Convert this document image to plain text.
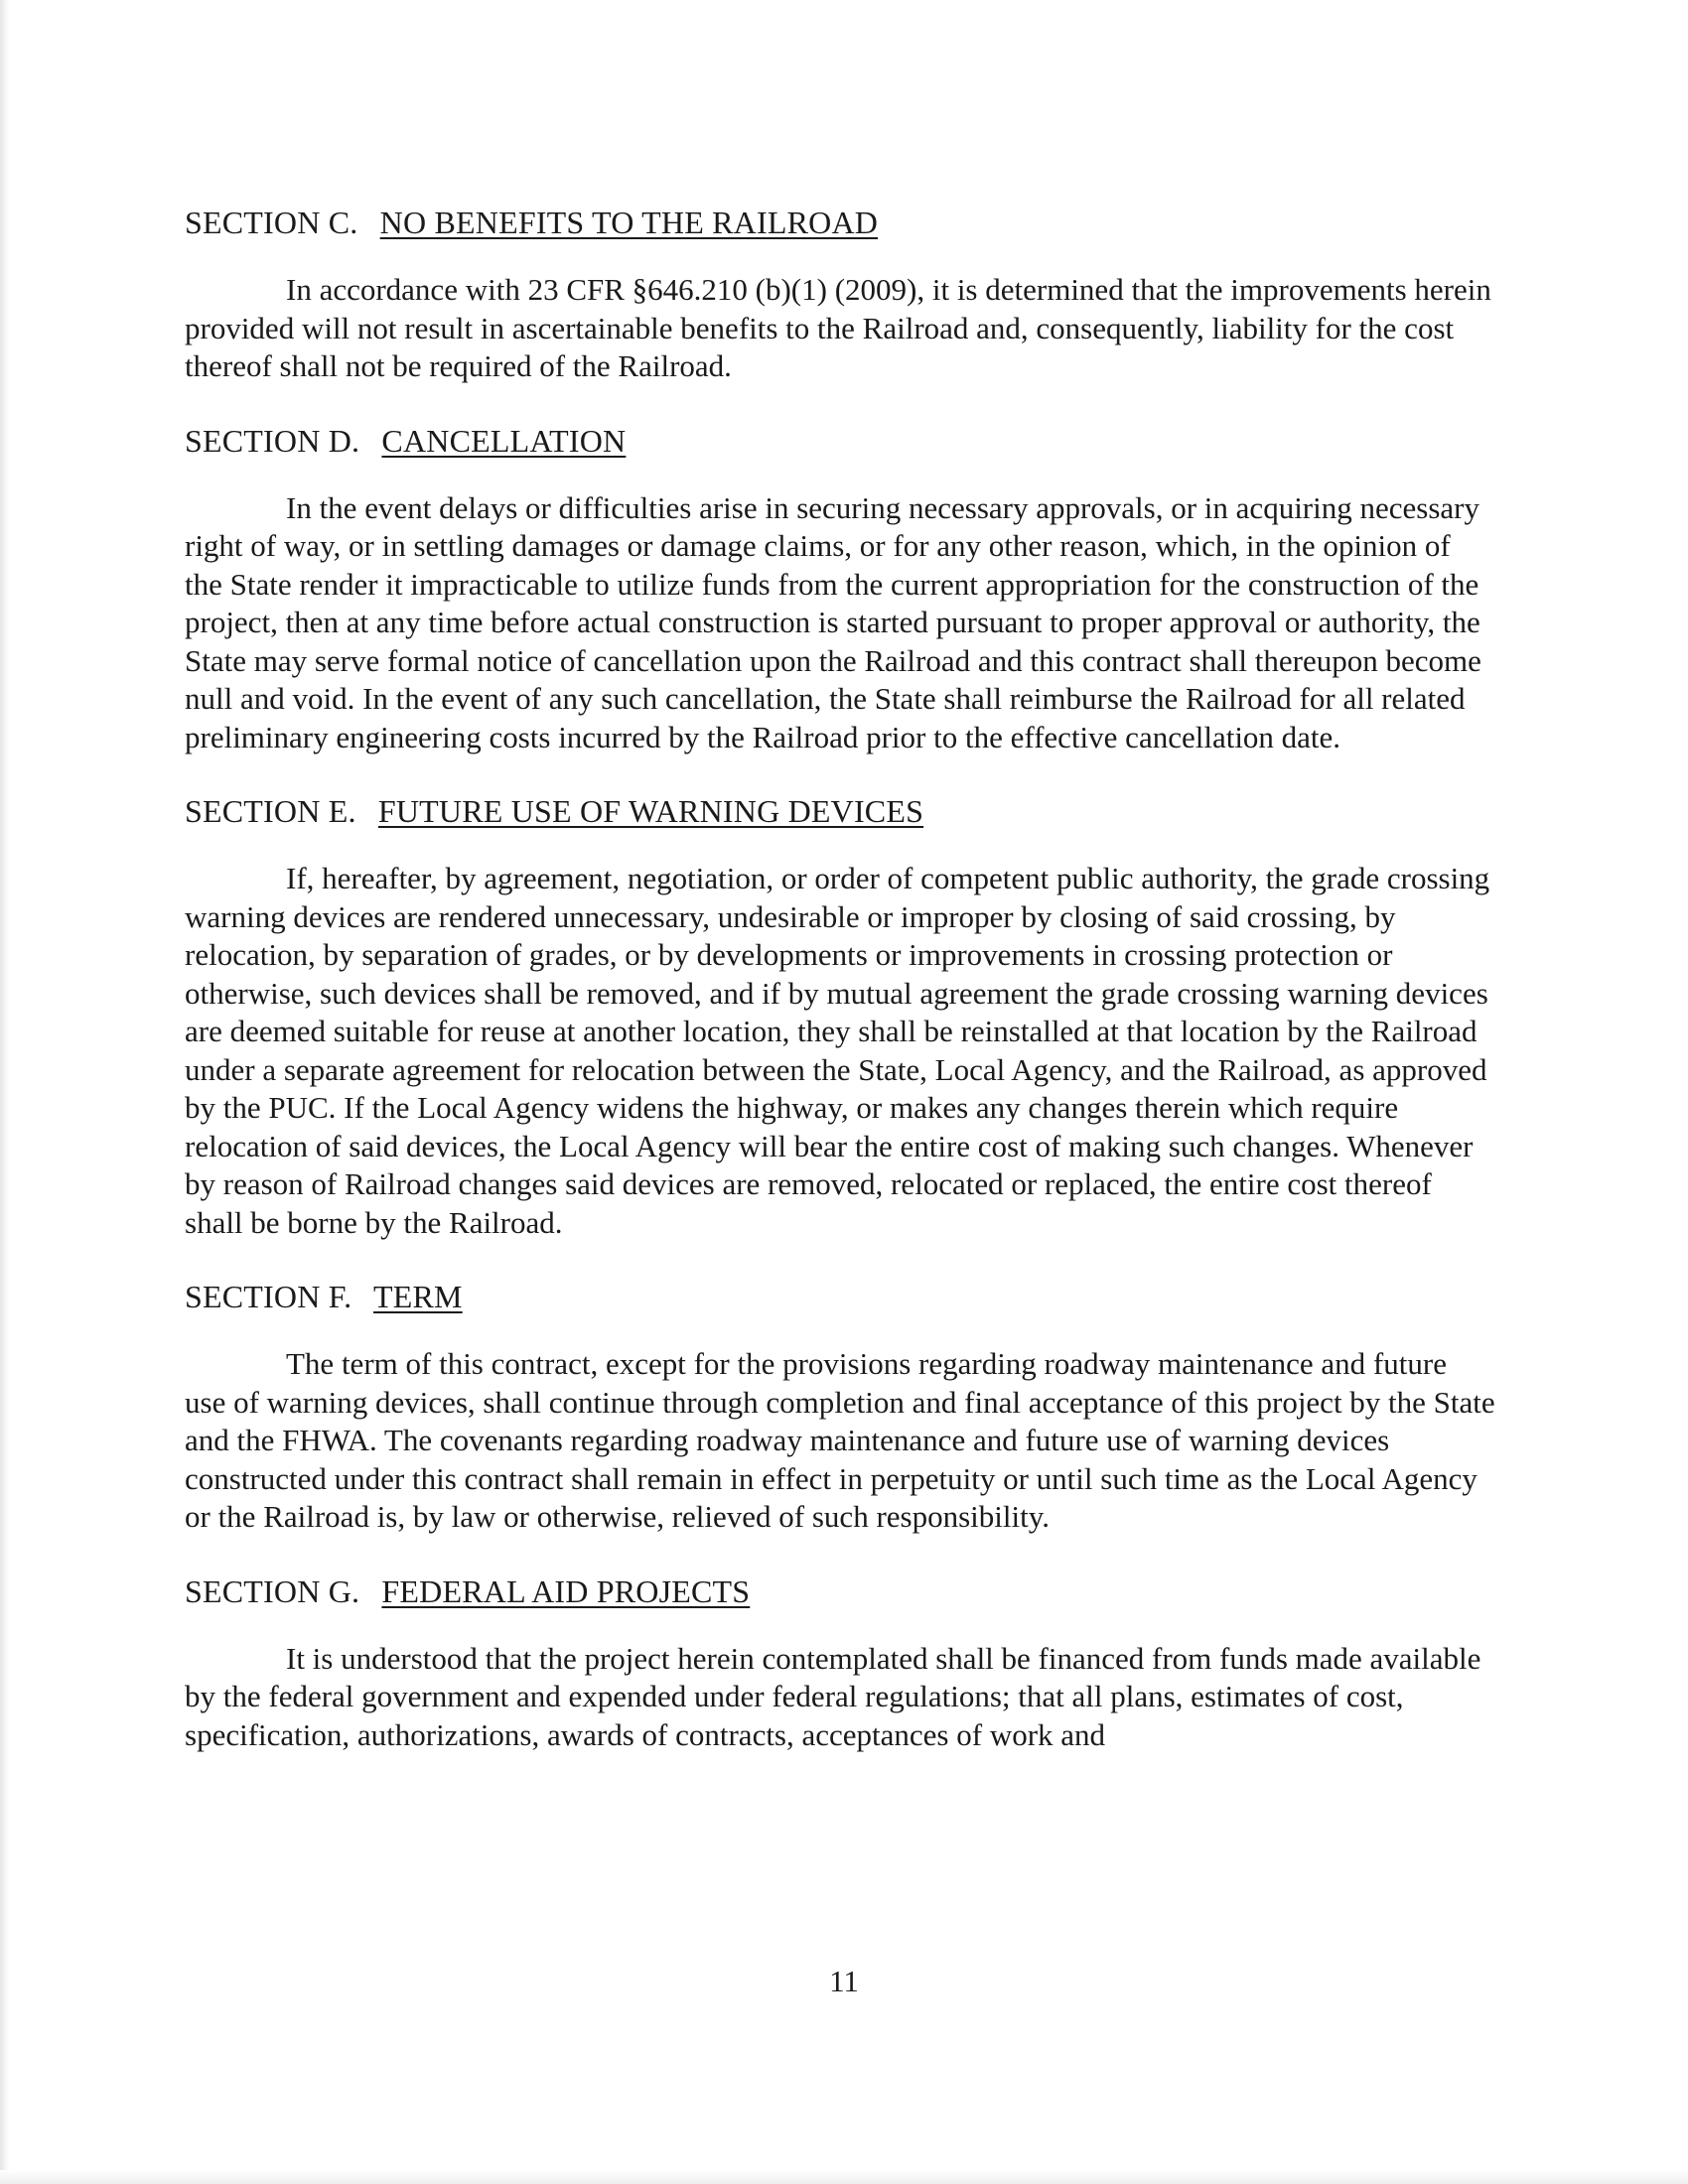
SECTION C. NO BENEFITS TO THE RAILROAD

In accordance with 23 CFR §646.210 (b)(1) (2009), it is determined that the improvements herein provided will not result in ascertainable benefits to the Railroad and, consequently, liability for the cost thereof shall not be required of the Railroad.

SECTION D. CANCELLATION

In the event delays or difficulties arise in securing necessary approvals, or in acquiring necessary right of way, or in settling damages or damage claims, or for any other reason, which, in the opinion of the State render it impracticable to utilize funds from the current appropriation for the construction of the project, then at any time before actual construction is started pursuant to proper approval or authority, the State may serve formal notice of cancellation upon the Railroad and this contract shall thereupon become null and void. In the event of any such cancellation, the State shall reimburse the Railroad for all related preliminary engineering costs incurred by the Railroad prior to the effective cancellation date.

SECTION E. FUTURE USE OF WARNING DEVICES

If, hereafter, by agreement, negotiation, or order of competent public authority, the grade crossing warning devices are rendered unnecessary, undesirable or improper by closing of said crossing, by relocation, by separation of grades, or by developments or improvements in crossing protection or otherwise, such devices shall be removed, and if by mutual agreement the grade crossing warning devices are deemed suitable for reuse at another location, they shall be reinstalled at that location by the Railroad under a separate agreement for relocation between the State, Local Agency, and the Railroad, as approved by the PUC. If the Local Agency widens the highway, or makes any changes therein which require relocation of said devices, the Local Agency will bear the entire cost of making such changes. Whenever by reason of Railroad changes said devices are removed, relocated or replaced, the entire cost thereof shall be borne by the Railroad.

SECTION F. TERM

The term of this contract, except for the provisions regarding roadway maintenance and future use of warning devices, shall continue through completion and final acceptance of this project by the State and the FHWA. The covenants regarding roadway maintenance and future use of warning devices constructed under this contract shall remain in effect in perpetuity or until such time as the Local Agency or the Railroad is, by law or otherwise, relieved of such responsibility.

SECTION G. FEDERAL AID PROJECTS

It is understood that the project herein contemplated shall be financed from funds made available by the federal government and expended under federal regulations; that all plans, estimates of cost, specification, authorizations, awards of contracts, acceptances of work and

11
